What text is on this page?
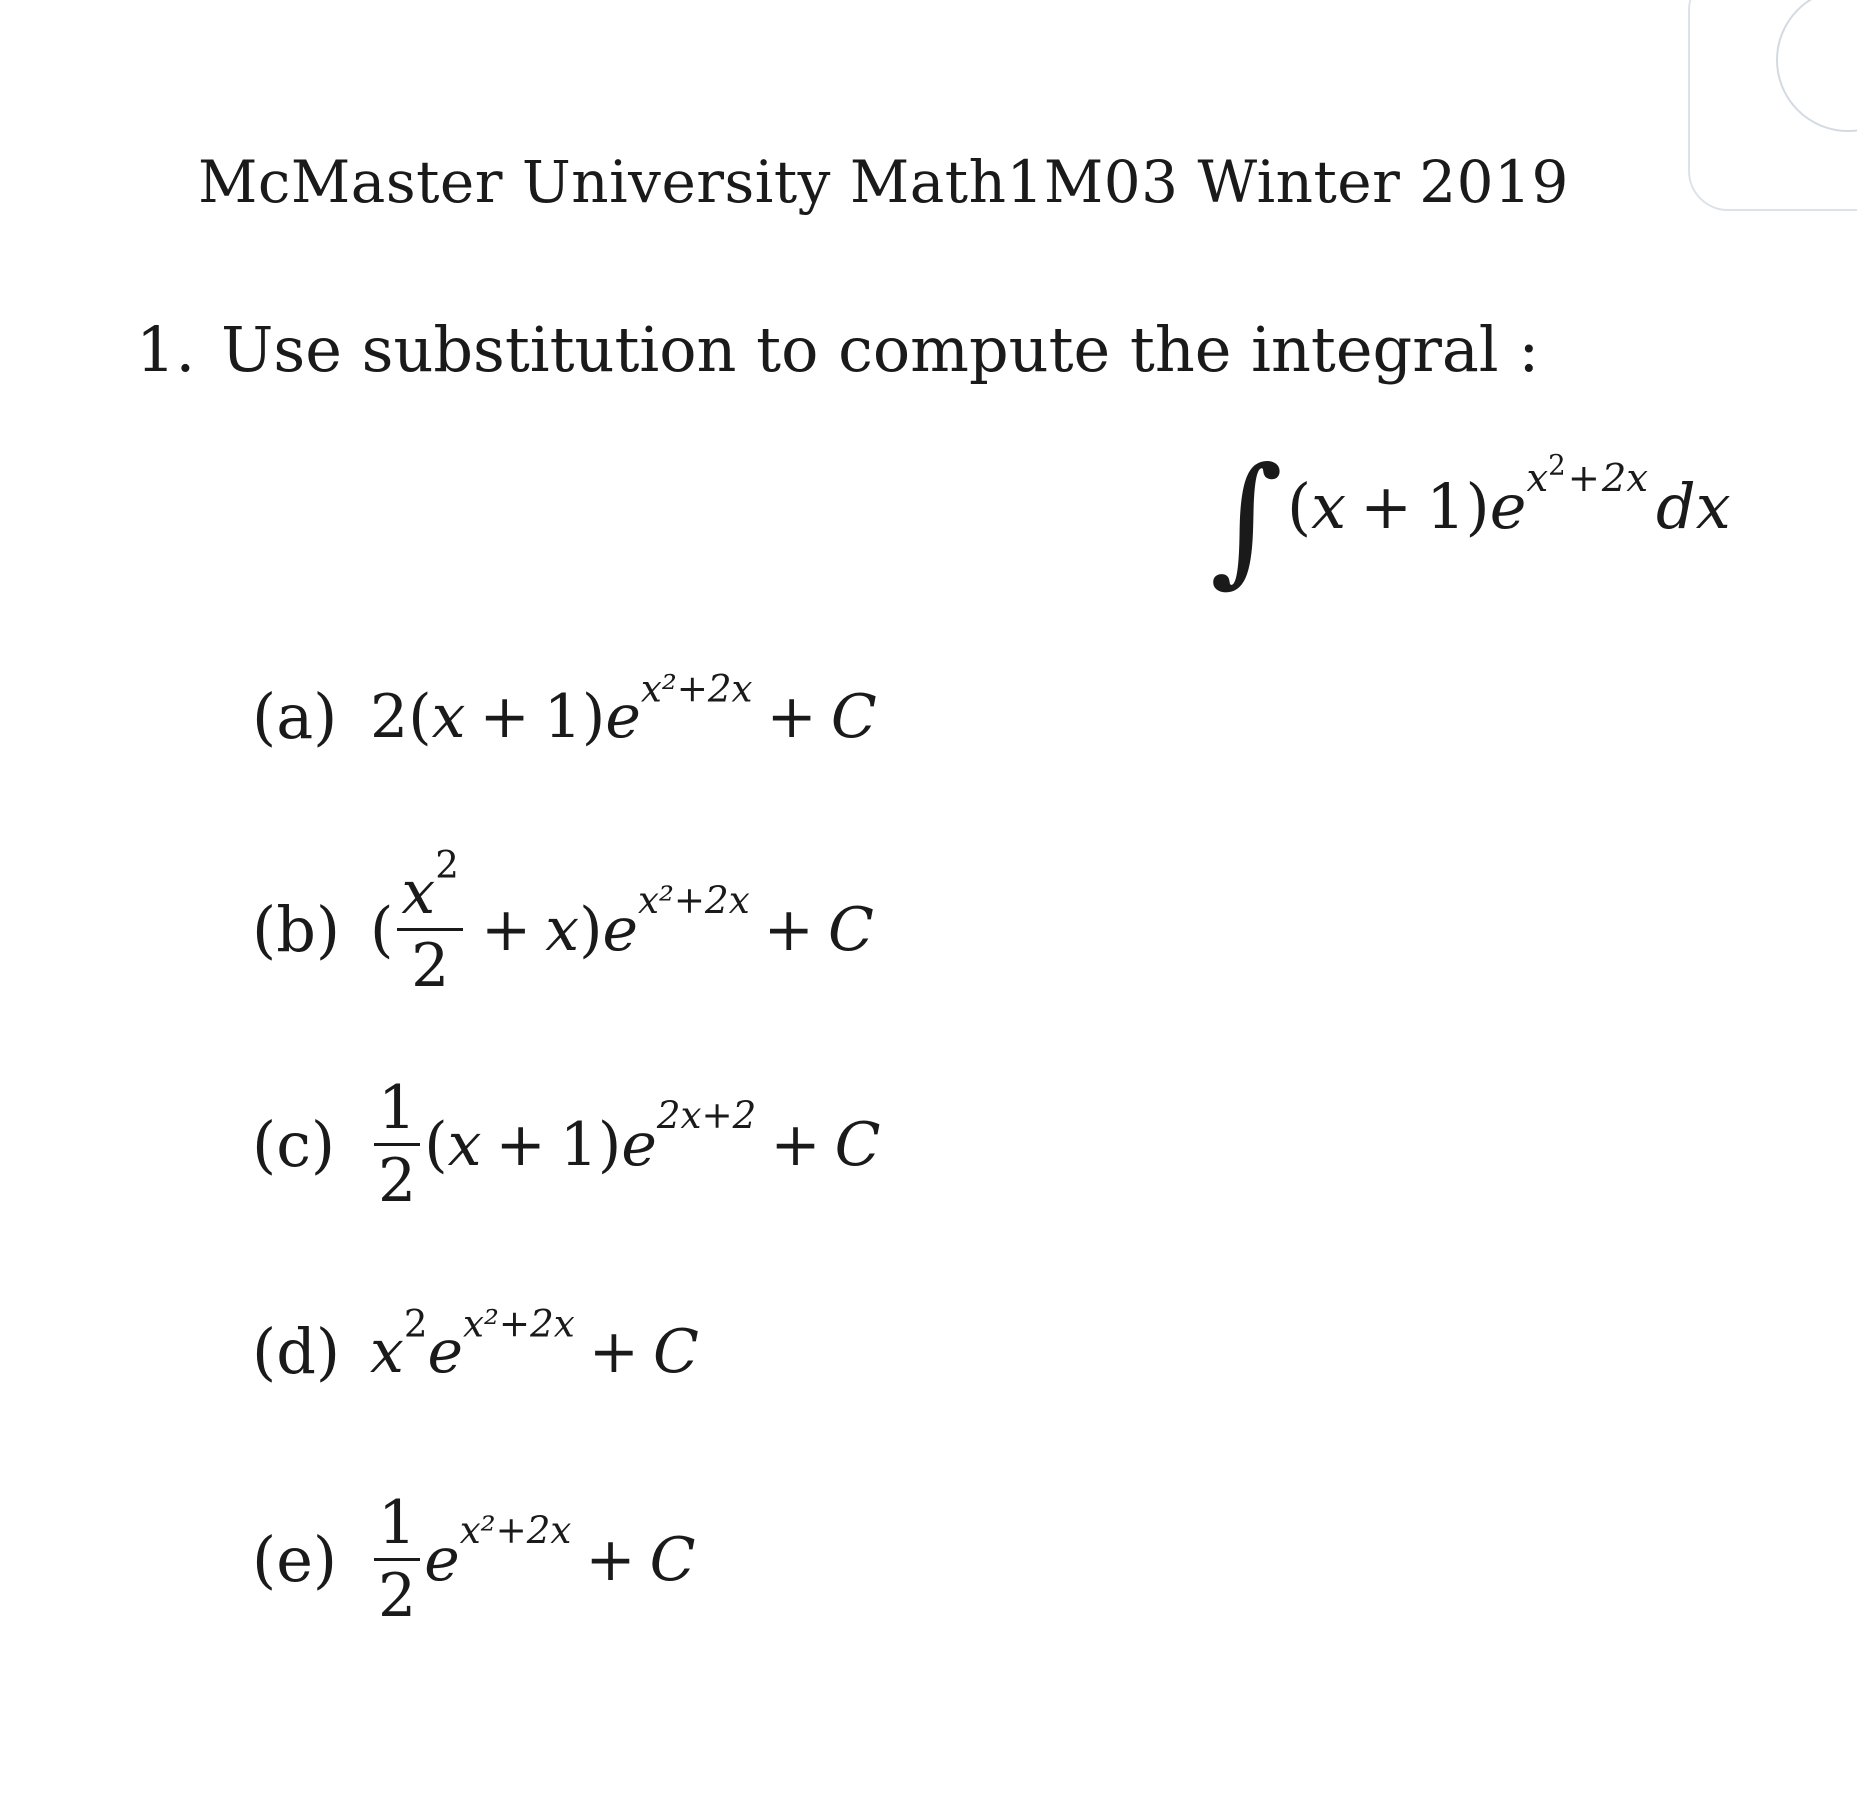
McMaster University Math1M03 Winter 2019
1. Use substitution to compute the integral :
$\int(x + 1)e^{x^2+2x}$ dx
(a) $2(x + 1)e^{x^2+2x} + C$
(b) ( $\frac{x^2}{2} + x$ ) e x²+2x + C
$(c) \frac{1}{2}$ ( x + 1 ) e 2x+2 + C
(d) $x^2e^{x^2+2x} + C$
$(e) \frac{1}{2}$ e x²+2x + C
